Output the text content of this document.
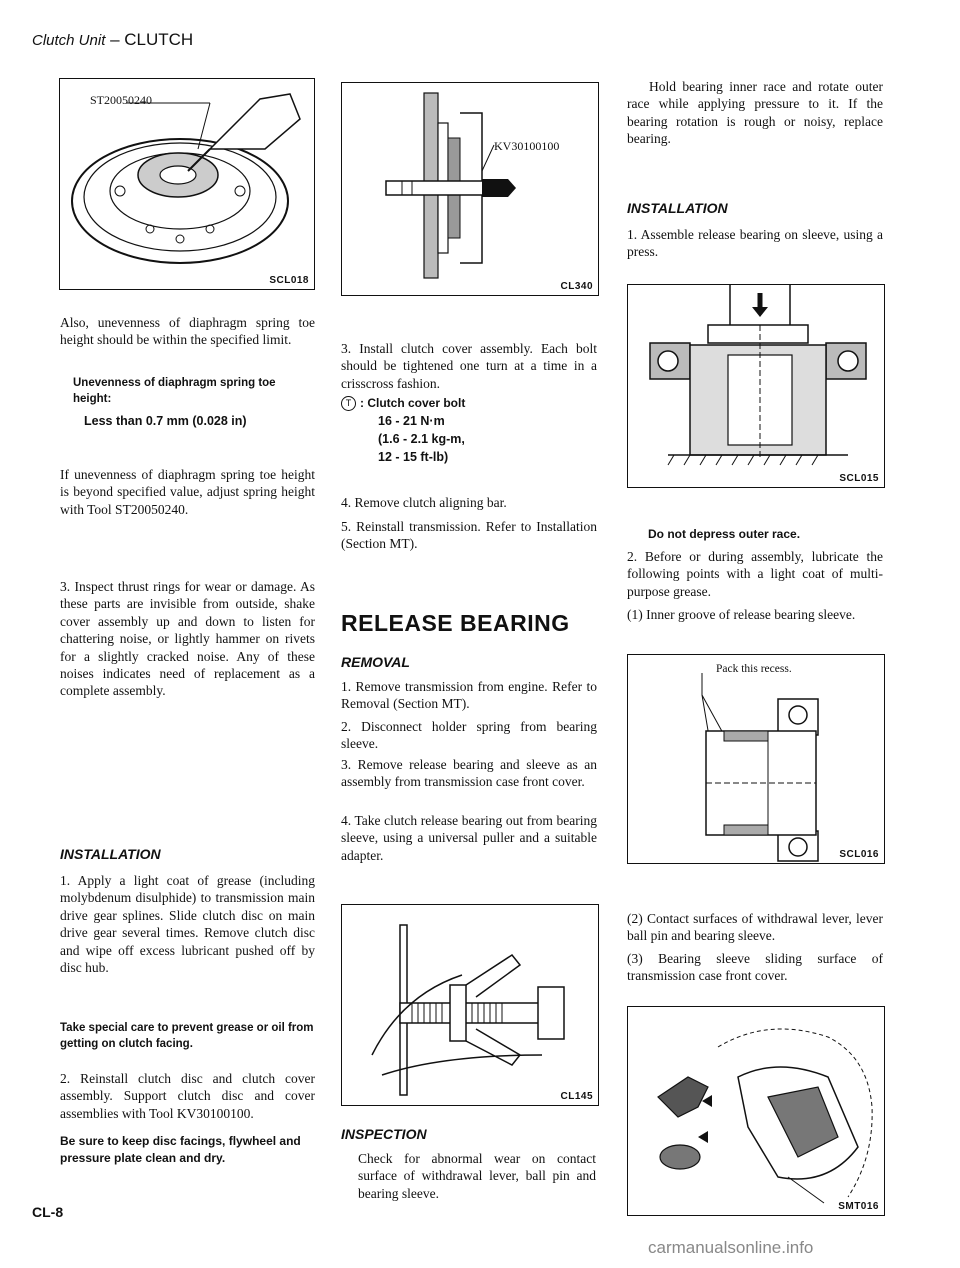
Clutch Unit – CLUTCH
ST20050240
SCL018

Also, unevenness of diaphragm spring toe height should be within the specified limit.

Unevenness of diaphragm spring toe height:

Less than 0.7 mm (0.028 in)

If unevenness of diaphragm spring toe height is beyond specified value, adjust spring height with Tool ST20050240.

3. Inspect thrust rings for wear or damage. As these parts are invisible from outside, shake cover assembly up and down to listen for chattering noise, or lightly hammer on rivets for a slightly cracked noise. Any of these noises indicates need of replacement as a complete assembly.

INSTALLATION

1. Apply a light coat of grease (including molybdenum disulphide) to transmission main drive gear splines. Slide clutch disc on main drive gear several times. Remove clutch disc and wipe off excess lubricant pushed off by disc hub.

Take special care to prevent grease or oil from getting on clutch facing.

2. Reinstall clutch disc and clutch cover assembly. Support clutch disc and cover assemblies with Tool KV30100100.

Be sure to keep disc facings, flywheel and pressure plate clean and dry.

KV30100100
CL340

3. Install clutch cover assembly. Each bolt should be tightened one turn at a time in a crisscross fashion.

T : Clutch cover bolt

16 - 21 N·m
(1.6 - 2.1 kg-m,
12 - 15 ft-lb)

4. Remove clutch aligning bar.

5. Reinstall transmission. Refer to Installation (Section MT).

RELEASE BEARING

REMOVAL

1. Remove transmission from engine. Refer to Removal (Section MT).

2. Disconnect holder spring from bearing sleeve.

3. Remove release bearing and sleeve as an assembly from transmission case front cover.

4. Take clutch release bearing out from bearing sleeve, using a universal puller and a suitable adapter.

CL145

INSPECTION

Check for abnormal wear on contact surface of withdrawal lever, ball pin and bearing sleeve.

Hold bearing inner race and rotate outer race while applying pressure to it. If the bearing rotation is rough or noisy, replace bearing.

INSTALLATION

1. Assemble release bearing on sleeve, using a press.

SCL015

Do not depress outer race.

2. Before or during assembly, lubricate the following points with a light coat of multi-purpose grease.

(1) Inner groove of release bearing sleeve.

Pack this recess.
SCL016

(2) Contact surfaces of withdrawal lever, lever ball pin and bearing sleeve.

(3) Bearing sleeve sliding surface of transmission case front cover.

SMT016
CL-8
carmanualsonline.info
